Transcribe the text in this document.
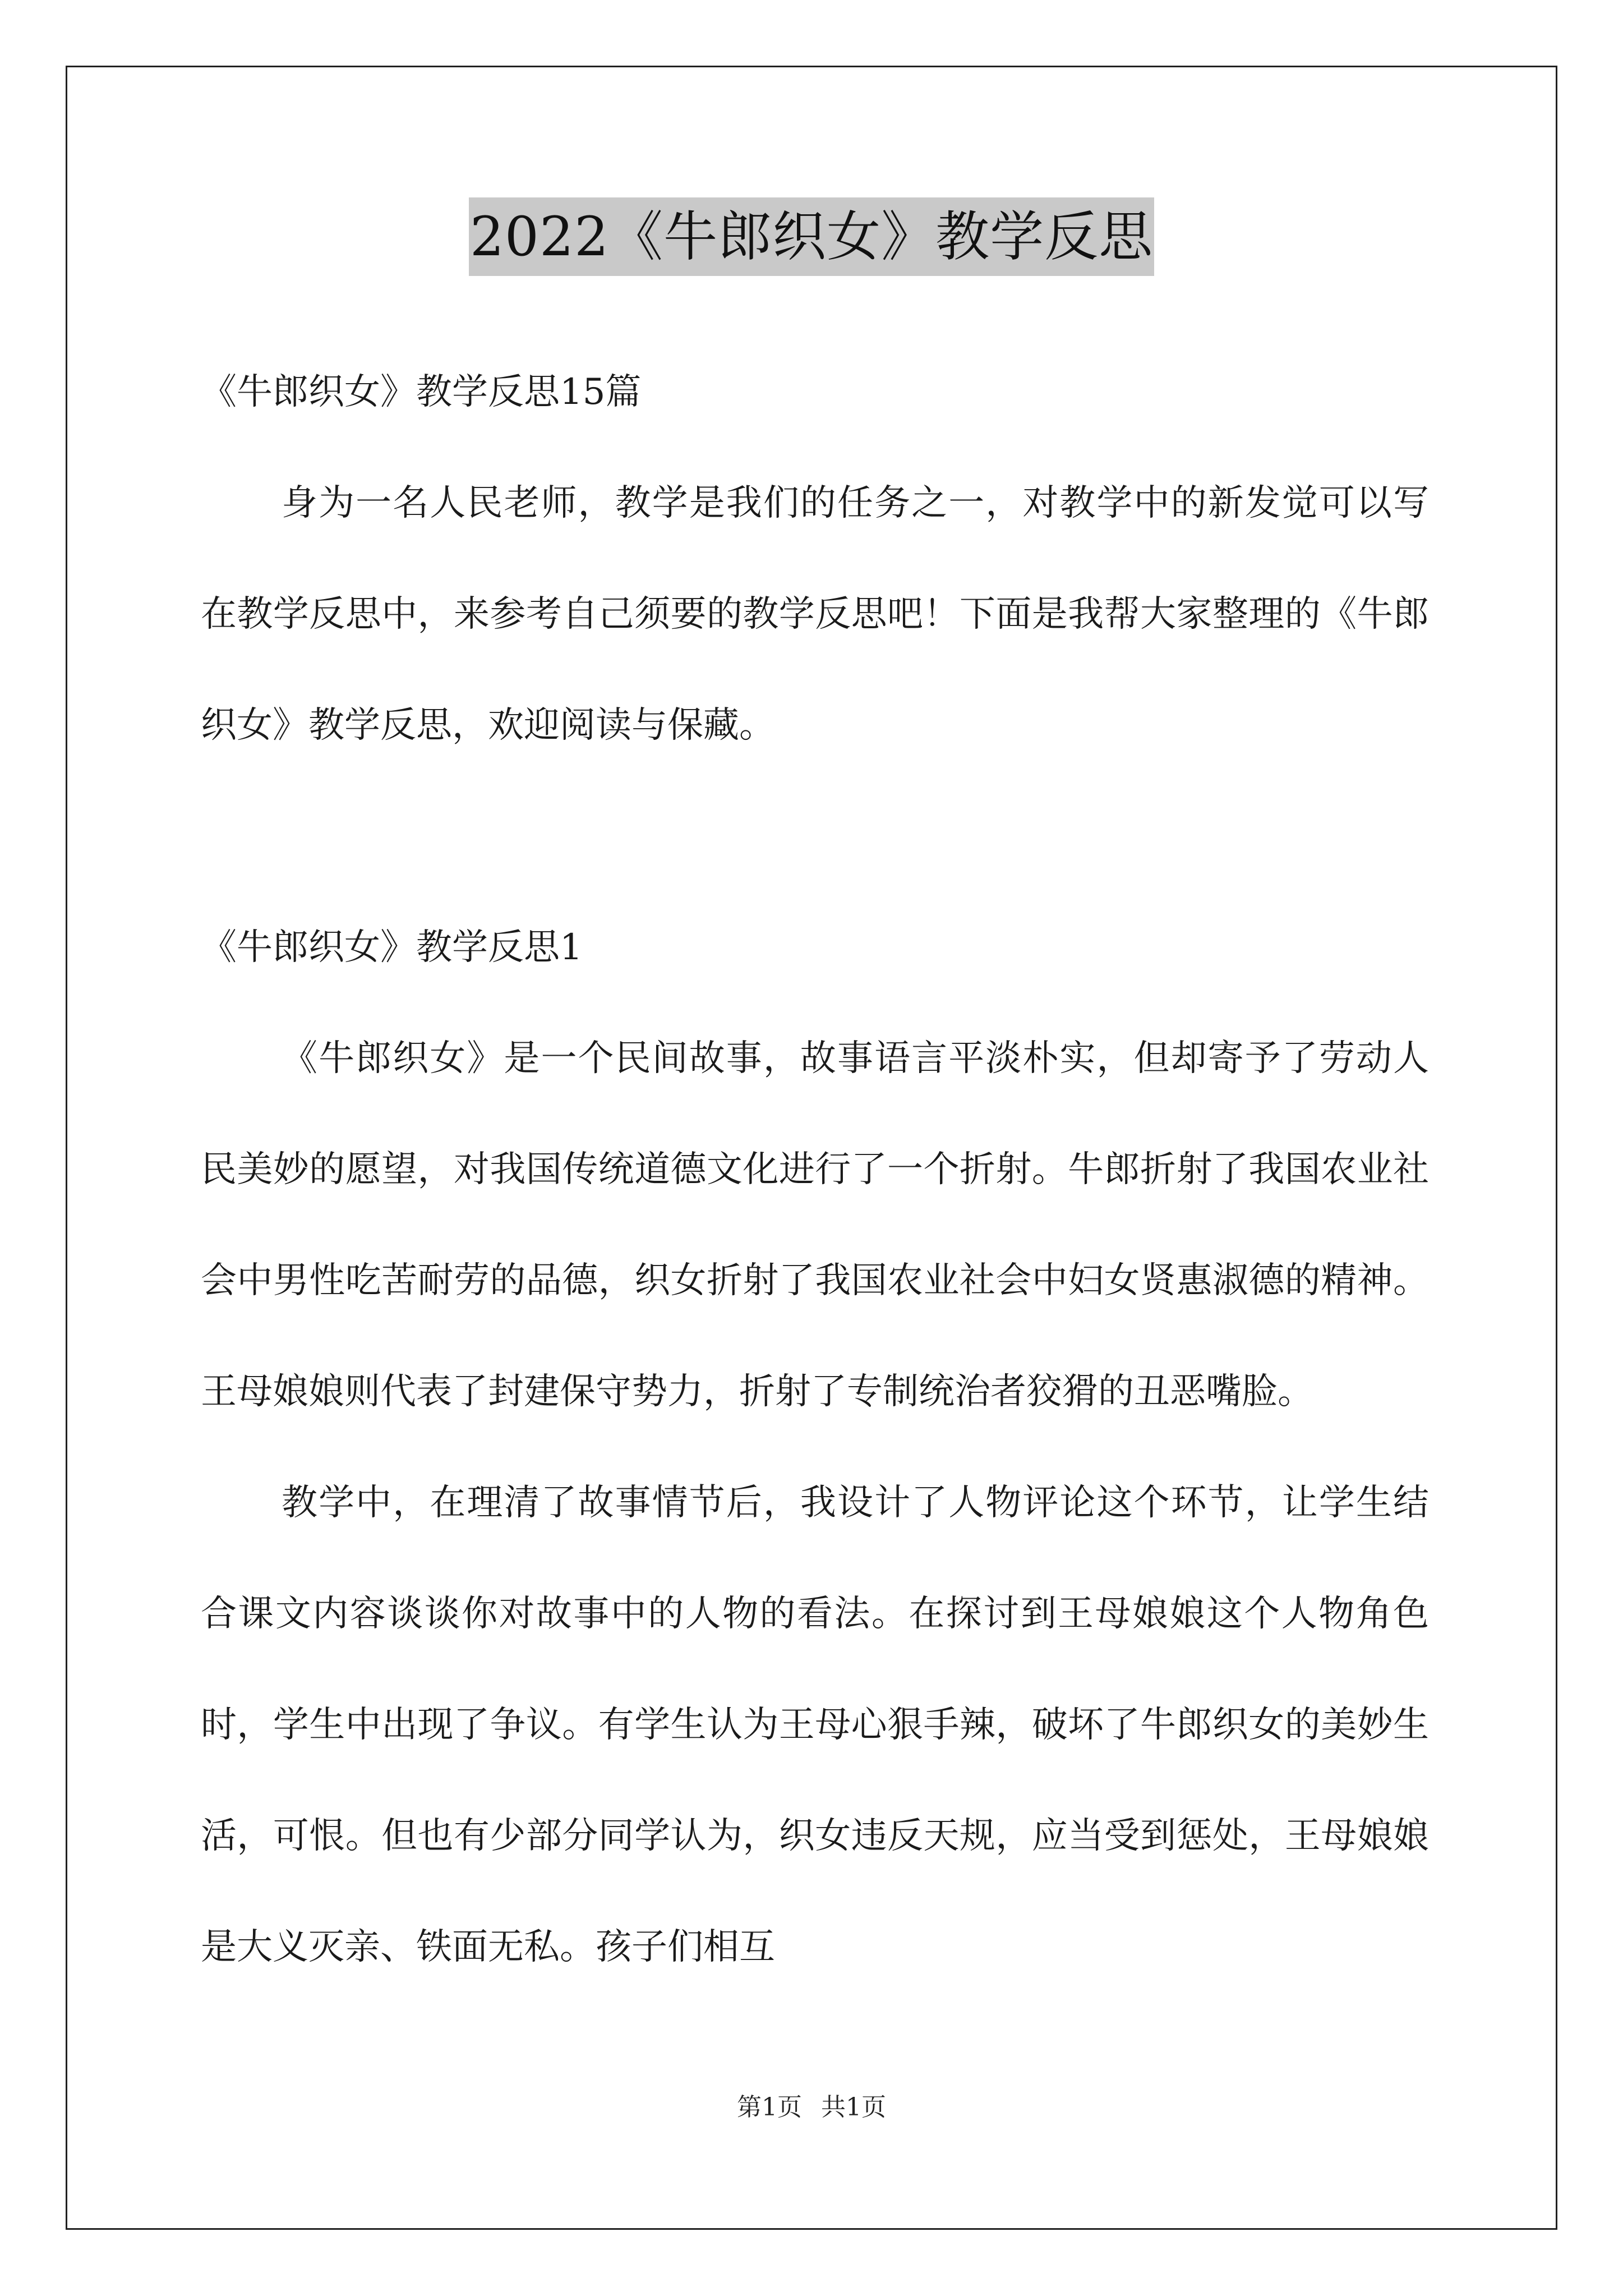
2022《牛郎织女》教学反思

《牛郎织女》教学反思15篇

身为一名人民老师，教学是我们的任务之一，对教学中的新发觉可以写在教学反思中，来参考自己须要的教学反思吧！下面是我帮大家整理的《牛郎织女》教学反思，欢迎阅读与保藏。

《牛郎织女》教学反思1

《牛郎织女》是一个民间故事，故事语言平淡朴实，但却寄予了劳动人民美妙的愿望，对我国传统道德文化进行了一个折射。牛郎折射了我国农业社会中男性吃苦耐劳的品德，织女折射了我国农业社会中妇女贤惠淑德的精神。王母娘娘则代表了封建保守势力，折射了专制统治者狡猾的丑恶嘴脸。

教学中，在理清了故事情节后，我设计了人物评论这个环节，让学生结合课文内容谈谈你对故事中的人物的看法。在探讨到王母娘娘这个人物角色时，学生中出现了争议。有学生认为王母心狠手辣，破坏了牛郎织女的美妙生活，可恨。但也有少部分同学认为，织女违反天规，应当受到惩处，王母娘娘是大义灭亲、铁面无私。孩子们相互

第1页 共1页
